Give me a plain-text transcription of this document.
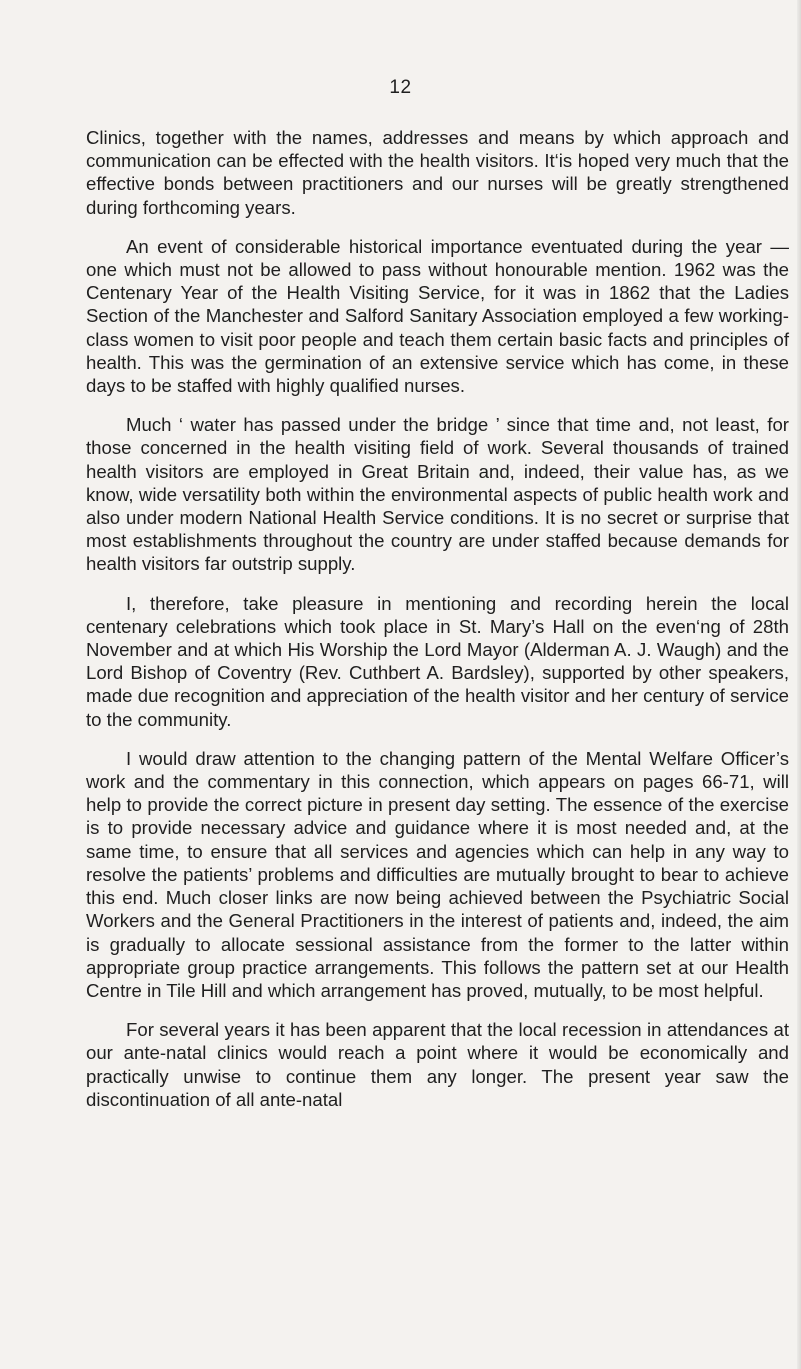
12

Clinics, together with the names, addresses and means by which approach and communication can be effected with the health visitors. It‘is hoped very much that the effective bonds between practitioners and our nurses will be greatly strengthened during forthcoming years.

An event of considerable historical importance eventuated during the year — one which must not be allowed to pass without honourable mention. 1962 was the Centenary Year of the Health Visiting Service, for it was in 1862 that the Ladies Section of the Manchester and Salford Sanitary Association employed a few working-class women to visit poor people and teach them certain basic facts and principles of health. This was the germination of an extensive service which has come, in these days to be staffed with highly qualified nurses.

Much ‘ water has passed under the bridge ’ since that time and, not least, for those concerned in the health visiting field of work. Several thousands of trained health visitors are employed in Great Britain and, indeed, their value has, as we know, wide versatility both within the environmental aspects of public health work and also under modern National Health Service conditions. It is no secret or surprise that most establishments throughout the country are under staffed because demands for health visitors far outstrip supply.

I, therefore, take pleasure in mentioning and recording herein the local centenary celebrations which took place in St. Mary’s Hall on the even‘ng of 28th November and at which His Worship the Lord Mayor (Alderman A. J. Waugh) and the Lord Bishop of Coventry (Rev. Cuthbert A. Bardsley), supported by other speakers, made due recognition and appreciation of the health visitor and her century of service to the community.

I would draw attention to the changing pattern of the Mental Welfare Officer’s work and the commentary in this connection, which appears on pages 66-71, will help to provide the correct picture in present day setting. The essence of the exercise is to provide necessary advice and guidance where it is most needed and, at the same time, to ensure that all services and agencies which can help in any way to resolve the patients’ problems and difficulties are mutually brought to bear to achieve this end. Much closer links are now being achieved between the Psychiatric Social Workers and the General Practitioners in the interest of patients and, indeed, the aim is gradually to allocate sessional assistance from the former to the latter within appropriate group practice arrangements. This follows the pattern set at our Health Centre in Tile Hill and which arrangement has proved, mutually, to be most helpful.

For several years it has been apparent that the local recession in attendances at our ante-natal clinics would reach a point where it would be economically and practically unwise to continue them any longer. The present year saw the discontinuation of all ante-natal
